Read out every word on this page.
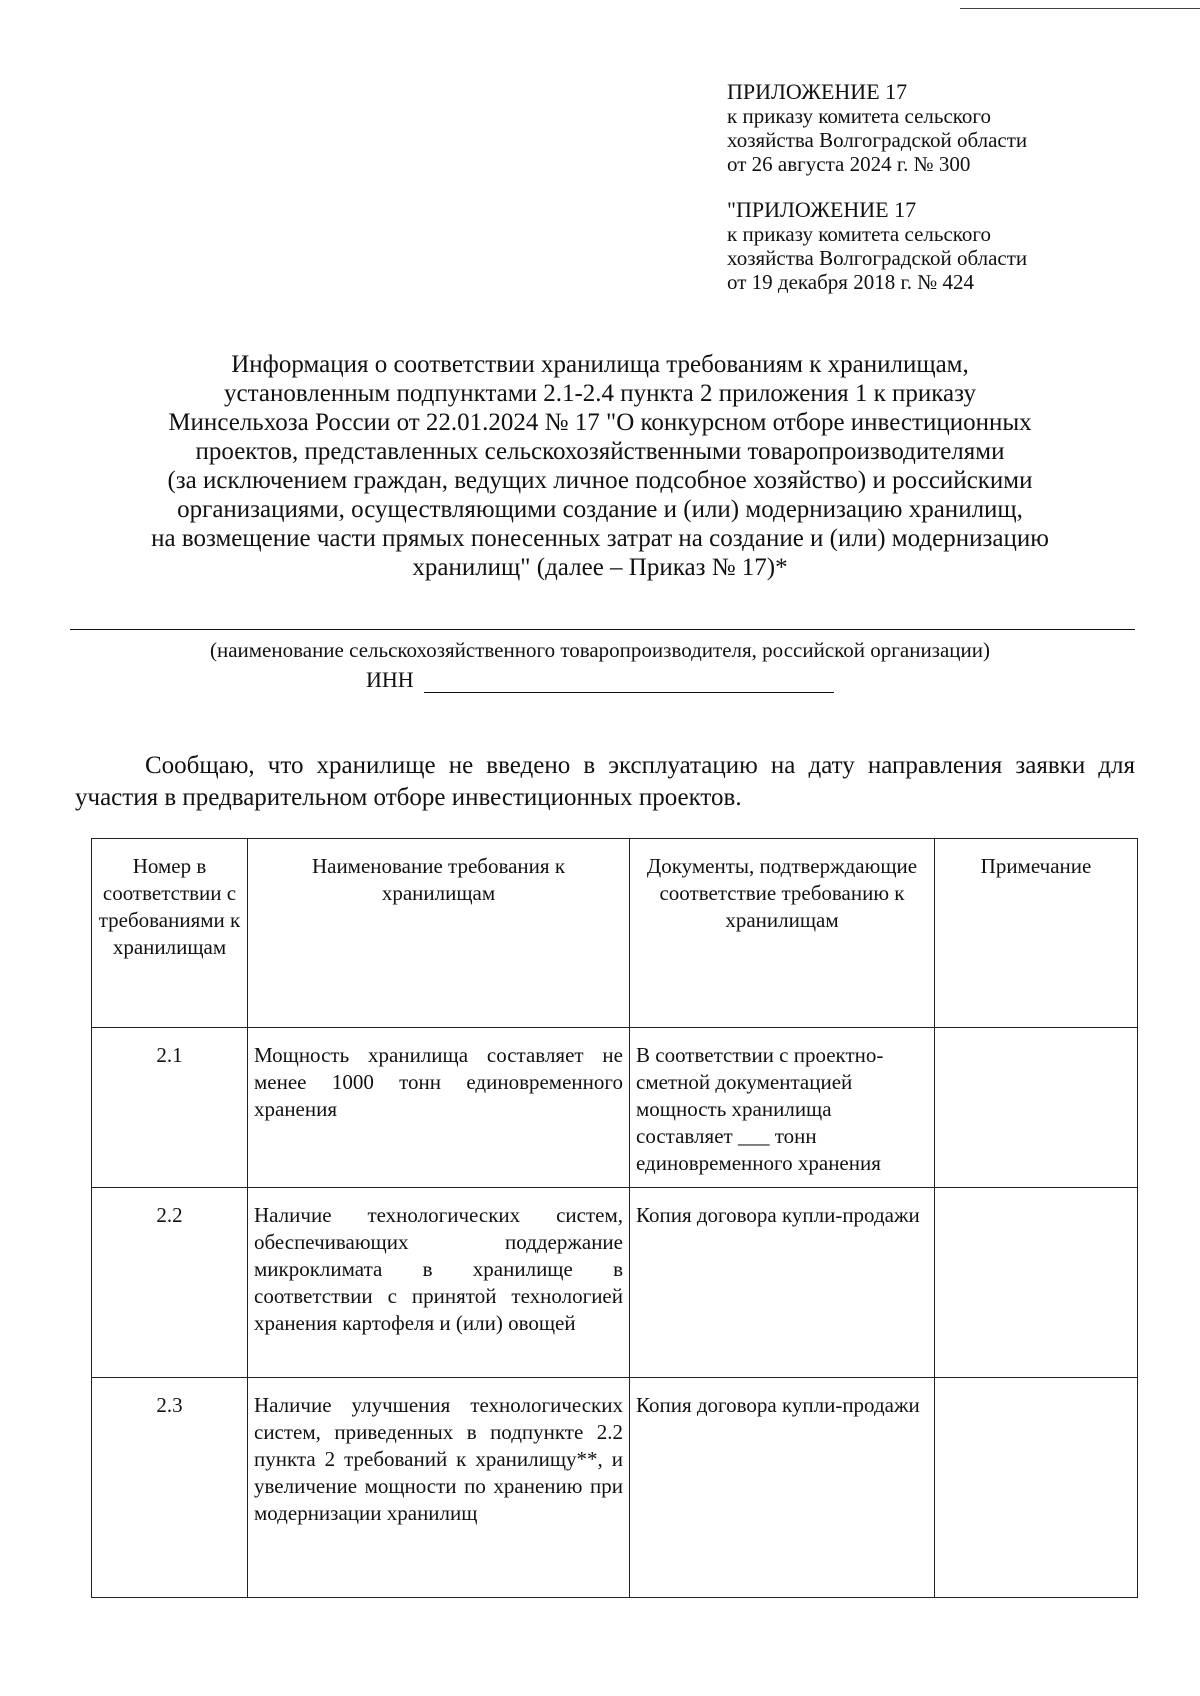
ПРИЛОЖЕНИЕ 17
к приказу комитета сельского
хозяйства Волгоградской области
от 26 августа 2024 г. № 300
"ПРИЛОЖЕНИЕ 17
к приказу комитета сельского
хозяйства Волгоградской области
от 19 декабря 2018 г. № 424
Информация о соответствии хранилища требованиям к хранилищам,
установленным подпунктами 2.1-2.4 пункта 2 приложения 1 к приказу
Минсельхоза России от 22.01.2024 № 17 "О конкурсном отборе инвестиционных
проектов, представленных сельскохозяйственными товаропроизводителями
(за исключением граждан, ведущих личное подсобное хозяйство) и российскими
организациями, осуществляющими создание и (или) модернизацию хранилищ,
на возмещение части прямых понесенных затрат на создание и (или) модернизацию
хранилищ" (далее – Приказ № 17)*
(наименование сельскохозяйственного товаропроизводителя, российской организации)
ИНН
Сообщаю, что хранилище не введено в эксплуатацию на дату направления заявки для участия в предварительном отборе инвестиционных проектов.
Номер в соответствии с требованиями к хранилищам	Наименование требования к хранилищам	Документы, подтверждающие соответствие требованию к хранилищам	Примечание
2.1	Мощность хранилища составляет не менее 1000 тонн единовременного хранения	В соответствии с проектно-сметной документацией мощность хранилища составляет ___ тонн единовременного хранения	
2.2	Наличие технологических систем, обеспечивающих поддержание микроклимата в хранилище в соответствии с принятой технологией хранения картофеля и (или) овощей	Копия договора купли-продажи	
2.3	Наличие улучшения технологических систем, приведенных в подпункте 2.2 пункта 2 требований к хранилищу**, и увеличение мощности по хранению при модернизации хранилищ	Копия договора купли-продажи	
